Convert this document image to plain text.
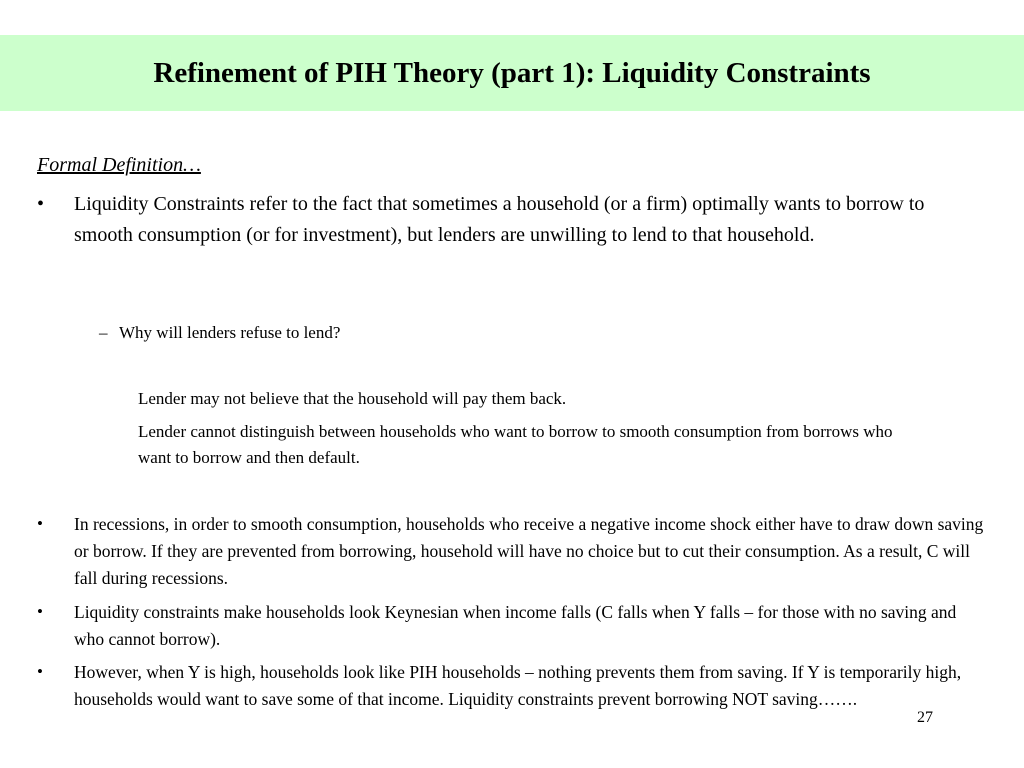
Refinement of PIH Theory (part 1): Liquidity Constraints

Formal Definition…

• Liquidity Constraints refer to the fact that sometimes a household (or a firm) optimally wants to borrow to smooth consumption (or for investment), but lenders are unwilling to lend to that household.

– Why will lenders refuse to lend?

Lender may not believe that the household will pay them back.

Lender cannot distinguish between households who want to borrow to smooth consumption from borrows who want to borrow and then default.

• In recessions, in order to smooth consumption, households who receive a negative income shock either have to draw down saving or borrow. If they are prevented from borrowing, household will have no choice but to cut their consumption. As a result, C will fall during recessions.

• Liquidity constraints make households look Keynesian when income falls (C falls when Y falls – for those with no saving and who cannot borrow).

• However, when Y is high, households look like PIH households – nothing prevents them from saving. If Y is temporarily high, households would want to save some of that income. Liquidity constraints prevent borrowing NOT saving…….

27
